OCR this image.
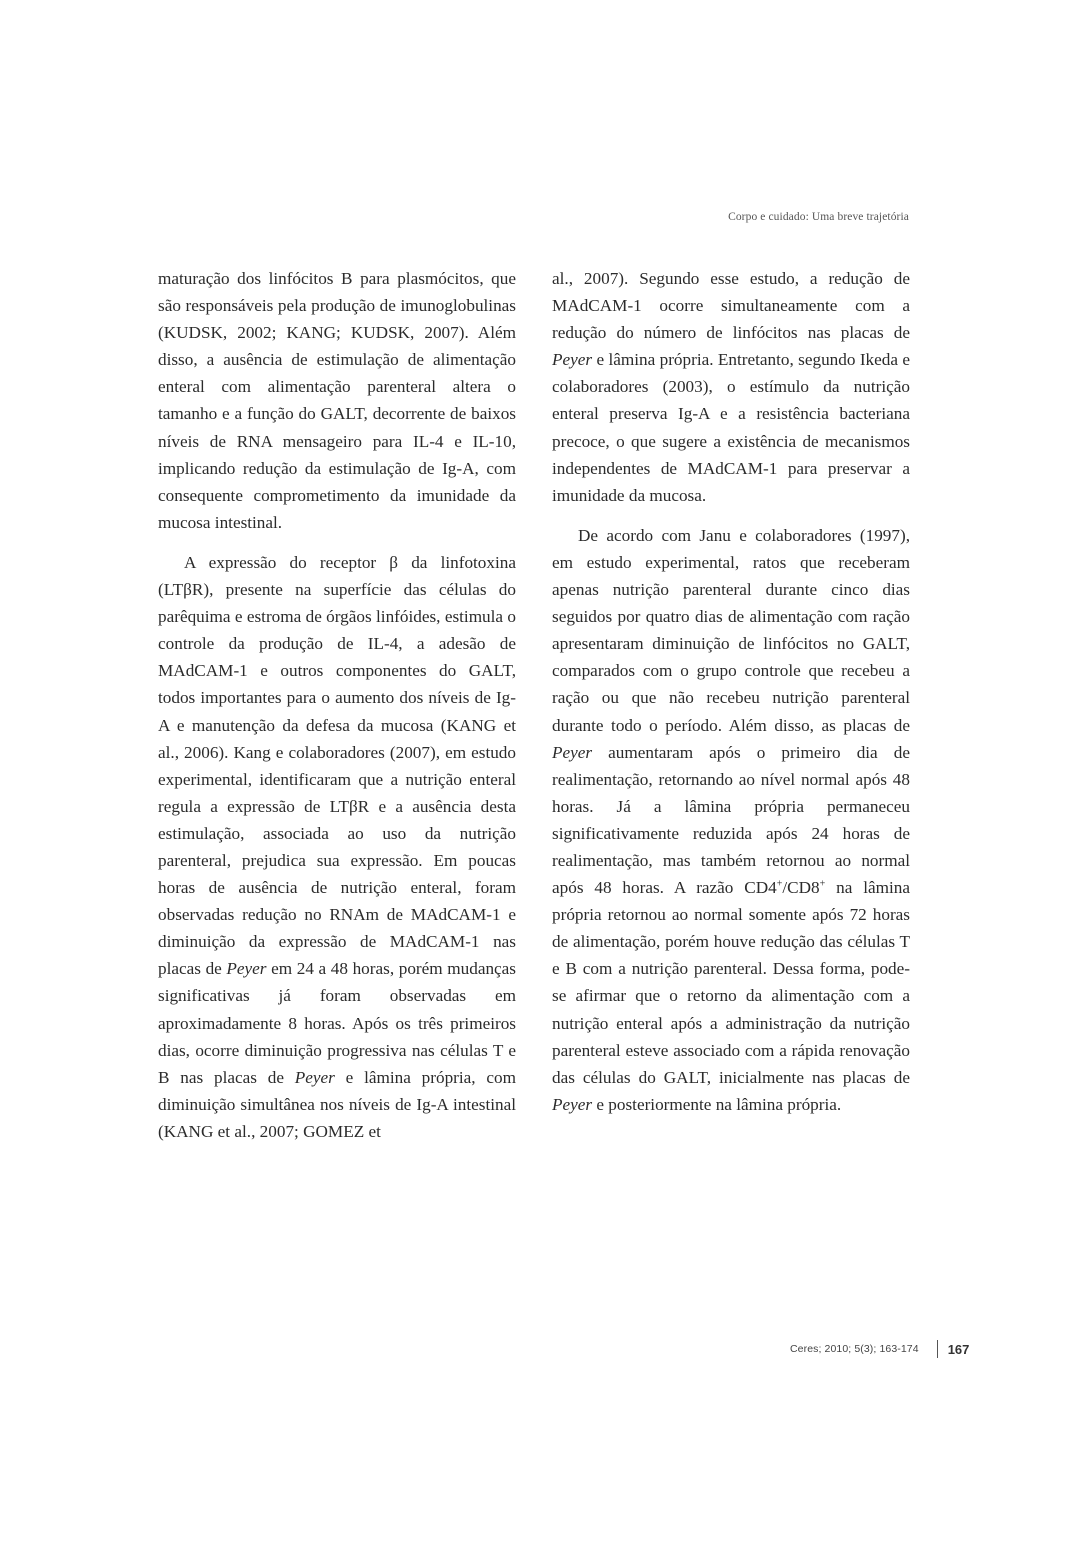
Corpo e cuidado: Uma breve trajetória

maturação dos linfócitos B para plasmócitos, que são responsáveis pela produção de imunoglobulinas (KUDSK, 2002; KANG; KUDSK, 2007). Além disso, a ausência de estimulação de alimentação enteral com alimentação parenteral altera o tamanho e a função do GALT, decorrente de baixos níveis de RNA mensageiro para IL-4 e IL-10, implicando redução da estimulação de Ig-A, com consequente comprometimento da imunidade da mucosa intestinal.

A expressão do receptor β da linfotoxina (LTβR), presente na superfície das células do parêquima e estroma de órgãos linfóides, estimula o controle da produção de IL-4, a adesão de MAdCAM-1 e outros componentes do GALT, todos importantes para o aumento dos níveis de Ig-A e manutenção da defesa da mucosa (KANG et al., 2006). Kang e colaboradores (2007), em estudo experimental, identificaram que a nutrição enteral regula a expressão de LTβR e a ausência desta estimulação, associada ao uso da nutrição parenteral, prejudica sua expressão. Em poucas horas de ausência de nutrição enteral, foram observadas redução no RNAm de MAdCAM-1 e diminuição da expressão de MAdCAM-1 nas placas de Peyer em 24 a 48 horas, porém mudanças significativas já foram observadas em aproximadamente 8 horas. Após os três primeiros dias, ocorre diminuição progressiva nas células T e B nas placas de Peyer e lâmina própria, com diminuição simultânea nos níveis de Ig-A intestinal (KANG et al., 2007; GOMEZ et

al., 2007). Segundo esse estudo, a redução de MAdCAM-1 ocorre simultaneamente com a redução do número de linfócitos nas placas de Peyer e lâmina própria. Entretanto, segundo Ikeda e colaboradores (2003), o estímulo da nutrição enteral preserva Ig-A e a resistência bacteriana precoce, o que sugere a existência de mecanismos independentes de MAdCAM-1 para preservar a imunidade da mucosa.

De acordo com Janu e colaboradores (1997), em estudo experimental, ratos que receberam apenas nutrição parenteral durante cinco dias seguidos por quatro dias de alimentação com ração apresentaram diminuição de linfócitos no GALT, comparados com o grupo controle que recebeu a ração ou que não recebeu nutrição parenteral durante todo o período. Além disso, as placas de Peyer aumentaram após o primeiro dia de realimentação, retornando ao nível normal após 48 horas. Já a lâmina própria permaneceu significativamente reduzida após 24 horas de realimentação, mas também retornou ao normal após 48 horas. A razão CD4+/CD8+ na lâmina própria retornou ao normal somente após 72 horas de alimentação, porém houve redução das células T e B com a nutrição parenteral. Dessa forma, pode-se afirmar que o retorno da alimentação com a nutrição enteral após a administração da nutrição parenteral esteve associado com a rápida renovação das células do GALT, inicialmente nas placas de Peyer e posteriormente na lâmina própria.

Ceres; 2010; 5(3); 163-174 167
